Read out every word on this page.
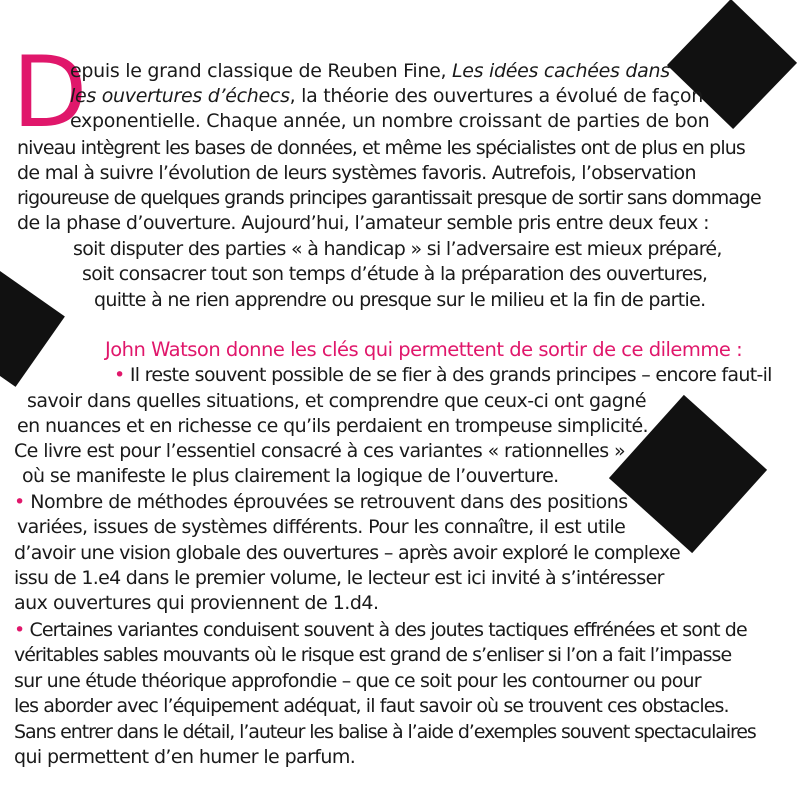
D
epuis le grand classique de Reuben Fine, Les idées cachées dans
les ouvertures d’échecs, la théorie des ouvertures a évolué de façon
exponentielle. Chaque année, un nombre croissant de parties de bon
niveau intègrent les bases de données, et même les spécialistes ont de plus en plus
de mal à suivre l’évolution de leurs systèmes favoris. Autrefois, l’observation
rigoureuse de quelques grands principes garantissait presque de sortir sans dommage
de la phase d’ouverture. Aujourd’hui, l’amateur semble pris entre deux feux :
soit disputer des parties « à handicap » si l’adversaire est mieux préparé,
soit consacrer tout son temps d’étude à la préparation des ouvertures,
quitte à ne rien apprendre ou presque sur le milieu et la fin de partie.
John Watson donne les clés qui permettent de sortir de ce dilemme :
• Il reste souvent possible de se fier à des grands principes – encore faut-il
savoir dans quelles situations, et comprendre que ceux-ci ont gagné
en nuances et en richesse ce qu’ils perdaient en trompeuse simplicité.
Ce livre est pour l’essentiel consacré à ces variantes « rationnelles »
où se manifeste le plus clairement la logique de l’ouverture.
• Nombre de méthodes éprouvées se retrouvent dans des positions
variées, issues de systèmes différents. Pour les connaître, il est utile
d’avoir une vision globale des ouvertures – après avoir exploré le complexe
issu de 1.e4 dans le premier volume, le lecteur est ici invité à s’intéresser
aux ouvertures qui proviennent de 1.d4.
• Certaines variantes conduisent souvent à des joutes tactiques effrénées et sont de
véritables sables mouvants où le risque est grand de s’enliser si l’on a fait l’impasse
sur une étude théorique approfondie – que ce soit pour les contourner ou pour
les aborder avec l’équipement adéquat, il faut savoir où se trouvent ces obstacles.
Sans entrer dans le détail, l’auteur les balise à l’aide d’exemples souvent spectaculaires
qui permettent d’en humer le parfum.
